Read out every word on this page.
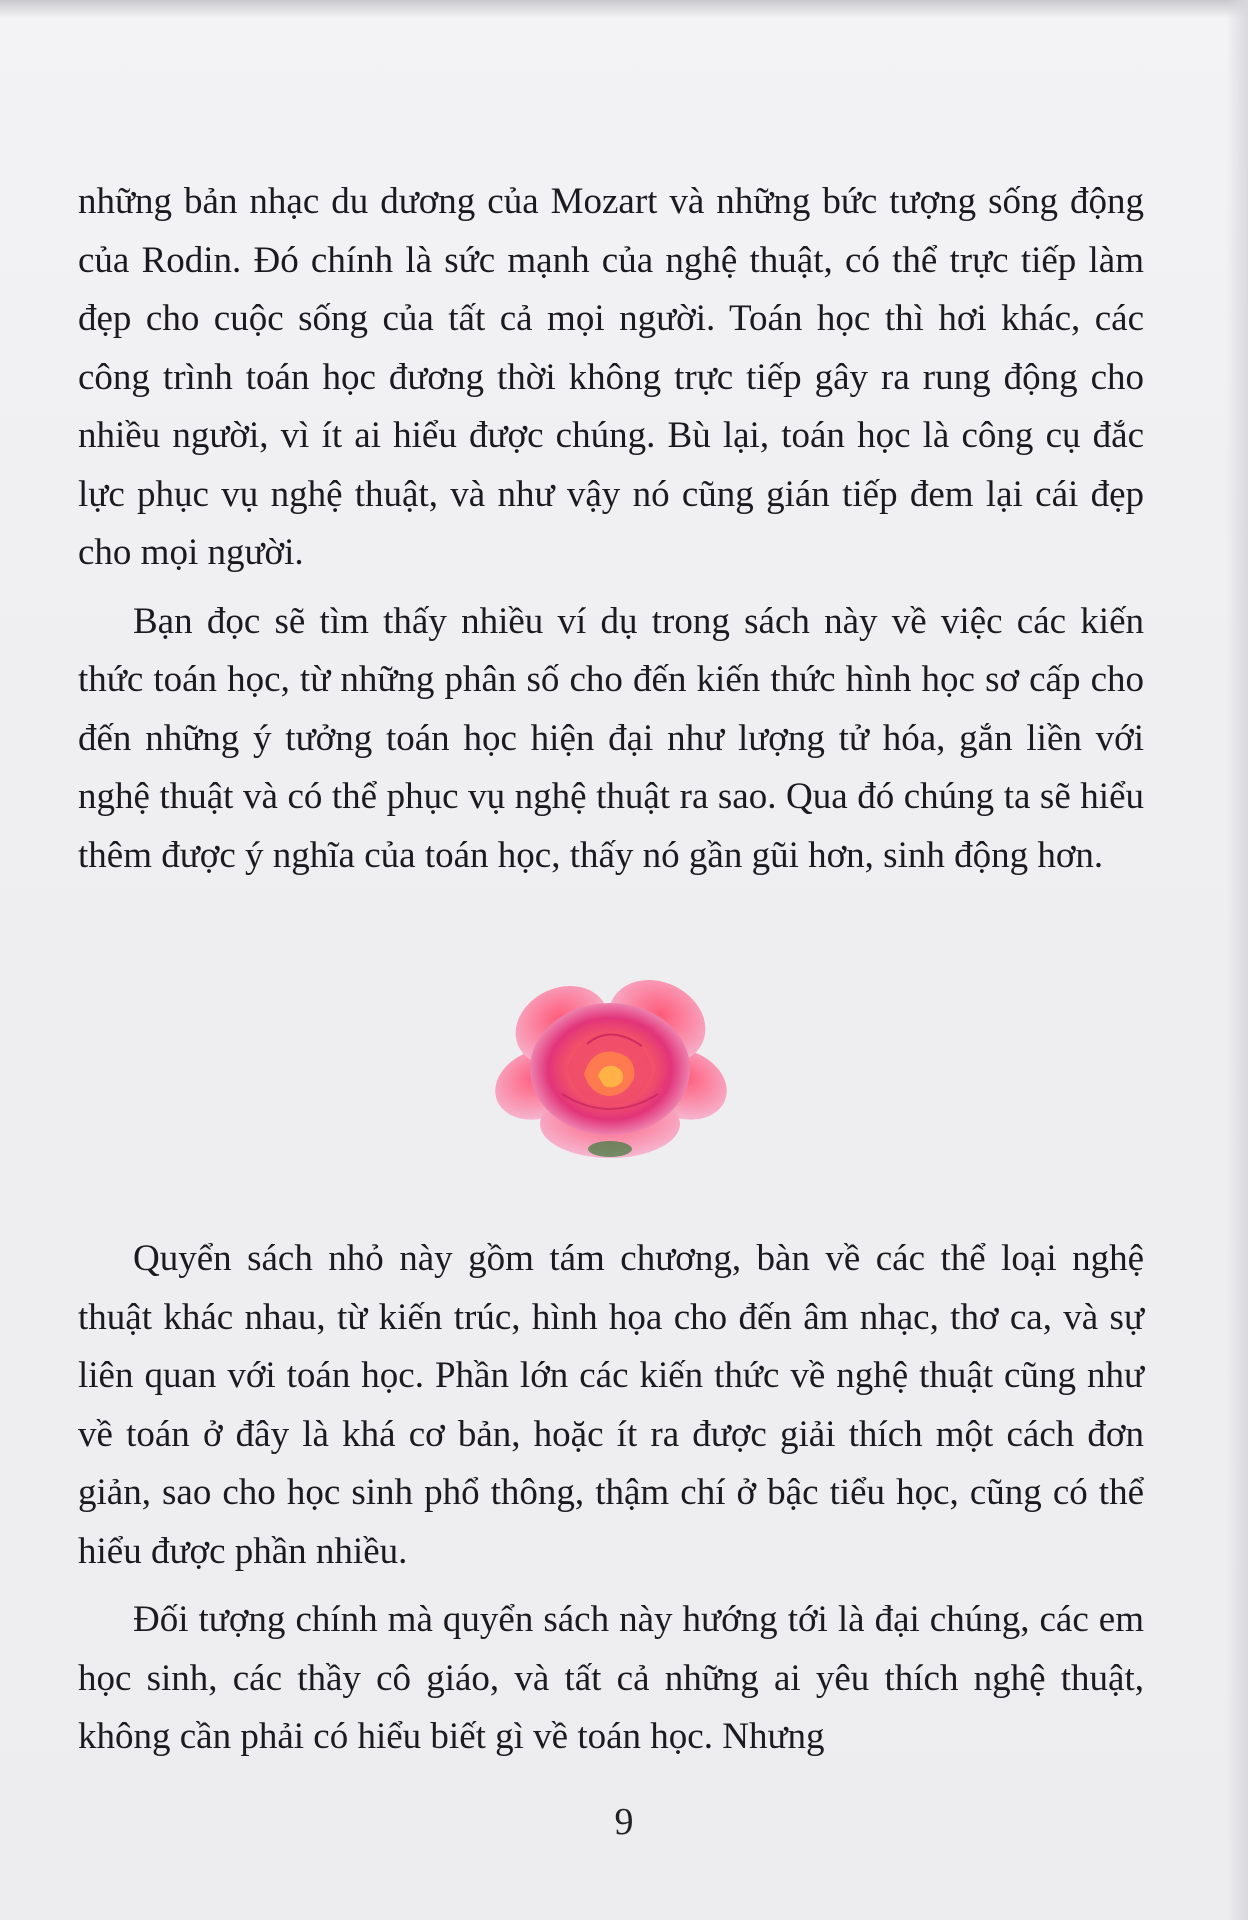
những bản nhạc du dương của Mozart và những bức tượng sống động của Rodin. Đó chính là sức mạnh của nghệ thuật, có thể trực tiếp làm đẹp cho cuộc sống của tất cả mọi người. Toán học thì hơi khác, các công trình toán học đương thời không trực tiếp gây ra rung động cho nhiều người, vì ít ai hiểu được chúng. Bù lại, toán học là công cụ đắc lực phục vụ nghệ thuật, và như vậy nó cũng gián tiếp đem lại cái đẹp cho mọi người.

Bạn đọc sẽ tìm thấy nhiều ví dụ trong sách này về việc các kiến thức toán học, từ những phân số cho đến kiến thức hình học sơ cấp cho đến những ý tưởng toán học hiện đại như lượng tử hóa, gắn liền với nghệ thuật và có thể phục vụ nghệ thuật ra sao. Qua đó chúng ta sẽ hiểu thêm được ý nghĩa của toán học, thấy nó gần gũi hơn, sinh động hơn.

Quyển sách nhỏ này gồm tám chương, bàn về các thể loại nghệ thuật khác nhau, từ kiến trúc, hình họa cho đến âm nhạc, thơ ca, và sự liên quan với toán học. Phần lớn các kiến thức về nghệ thuật cũng như về toán ở đây là khá cơ bản, hoặc ít ra được giải thích một cách đơn giản, sao cho học sinh phổ thông, thậm chí ở bậc tiểu học, cũng có thể hiểu được phần nhiều.

Đối tượng chính mà quyển sách này hướng tới là đại chúng, các em học sinh, các thầy cô giáo, và tất cả những ai yêu thích nghệ thuật, không cần phải có hiểu biết gì về toán học. Nhưng

9
